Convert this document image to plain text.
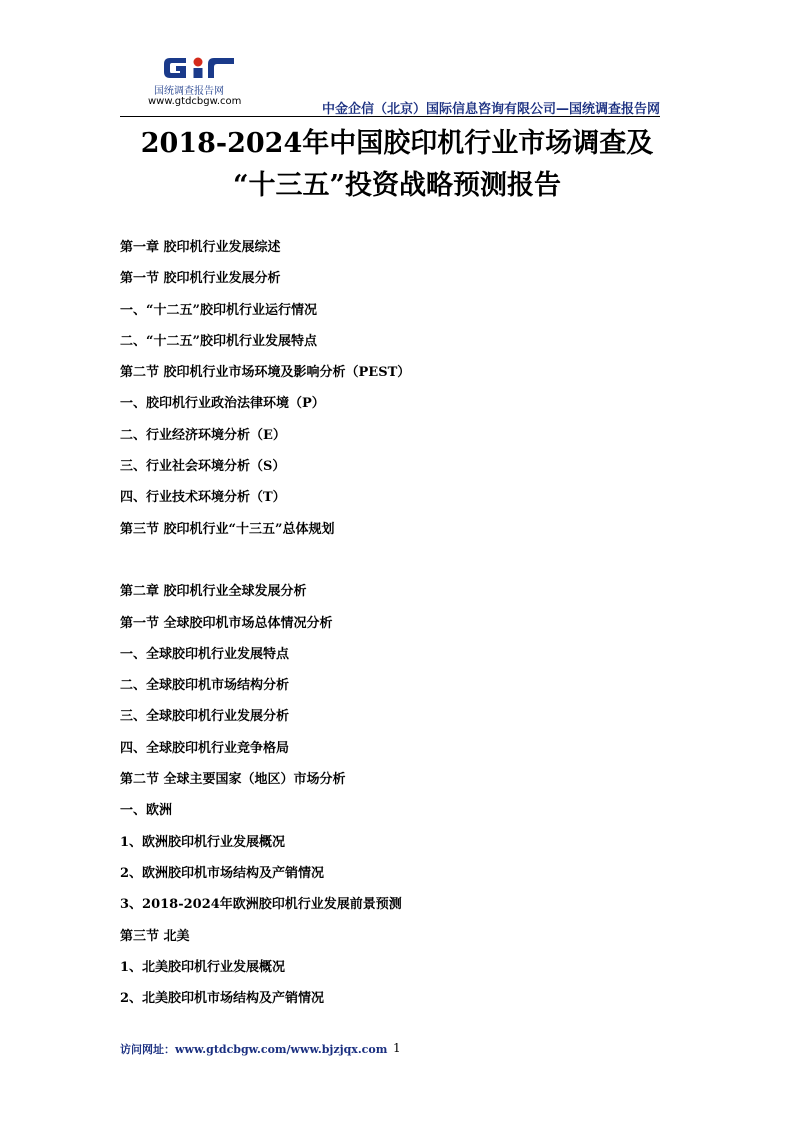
国统调查报告网
www.gtdcbgw.com
中金企信（北京）国际信息咨询有限公司—国统调查报告网
2018-2024年中国胶印机行业市场调查及
“十三五”投资战略预测报告
第一章 胶印机行业发展综述
第一节 胶印机行业发展分析
一、“十二五”胶印机行业运行情况
二、“十二五”胶印机行业发展特点
第二节 胶印机行业市场环境及影响分析（PEST）
一、胶印机行业政治法律环境（P）
二、行业经济环境分析（E）
三、行业社会环境分析（S）
四、行业技术环境分析（T）
第三节 胶印机行业“十三五”总体规划
第二章 胶印机行业全球发展分析
第一节 全球胶印机市场总体情况分析
一、全球胶印机行业发展特点
二、全球胶印机市场结构分析
三、全球胶印机行业发展分析
四、全球胶印机行业竞争格局
第二节 全球主要国家（地区）市场分析
一、欧洲
1、欧洲胶印机行业发展概况
2、欧洲胶印机市场结构及产销情况
3、2018-2024年欧洲胶印机行业发展前景预测
第三节 北美
1、北美胶印机行业发展概况
2、北美胶印机市场结构及产销情况
访问网址：www.gtdcbgw.com/www.bjzjqx.com 1
